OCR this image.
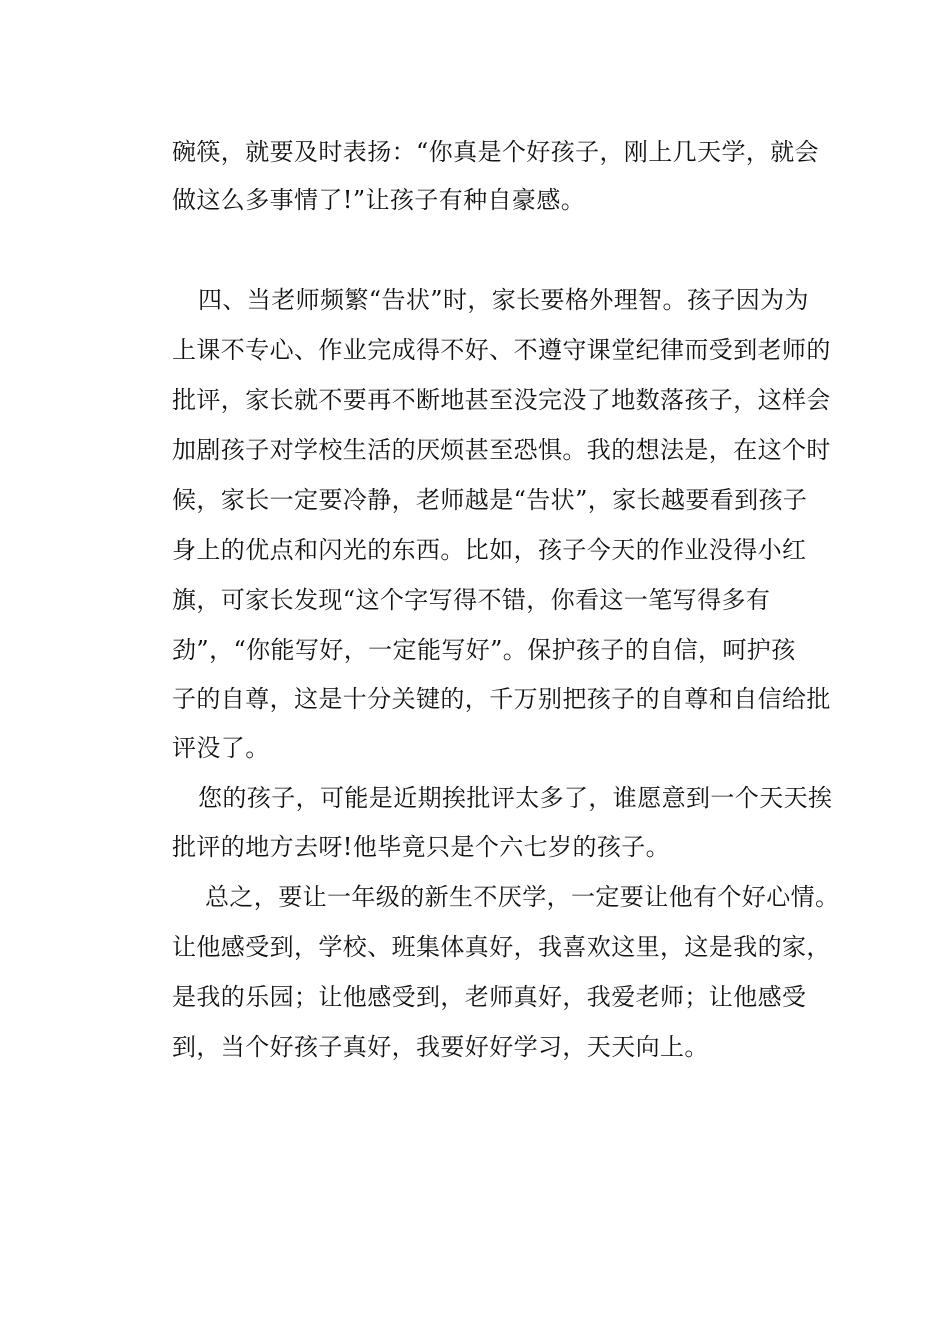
碗筷，就要及时表扬：“你真是个好孩子，刚上几天学，就会
做这么多事情了!”让孩子有种自豪感。
四、当老师频繁“告状”时，家长要格外理智。孩子因为为
上课不专心、作业完成得不好、不遵守课堂纪律而受到老师的
批评，家长就不要再不断地甚至没完没了地数落孩子，这样会
加剧孩子对学校生活的厌烦甚至恐惧。我的想法是，在这个时
候，家长一定要冷静，老师越是“告状”，家长越要看到孩子
身上的优点和闪光的东西。比如，孩子今天的作业没得小红
旗，可家长发现“这个字写得不错，你看这一笔写得多有
劲”，“你能写好，一定能写好”。保护孩子的自信，呵护孩
子的自尊，这是十分关键的，千万别把孩子的自尊和自信给批
评没了。
您的孩子，可能是近期挨批评太多了，谁愿意到一个天天挨
批评的地方去呀!他毕竟只是个六七岁的孩子。
总之，要让一年级的新生不厌学，一定要让他有个好心情。
让他感受到，学校、班集体真好，我喜欢这里，这是我的家，
是我的乐园；让他感受到，老师真好，我爱老师；让他感受
到，当个好孩子真好，我要好好学习，天天向上。
